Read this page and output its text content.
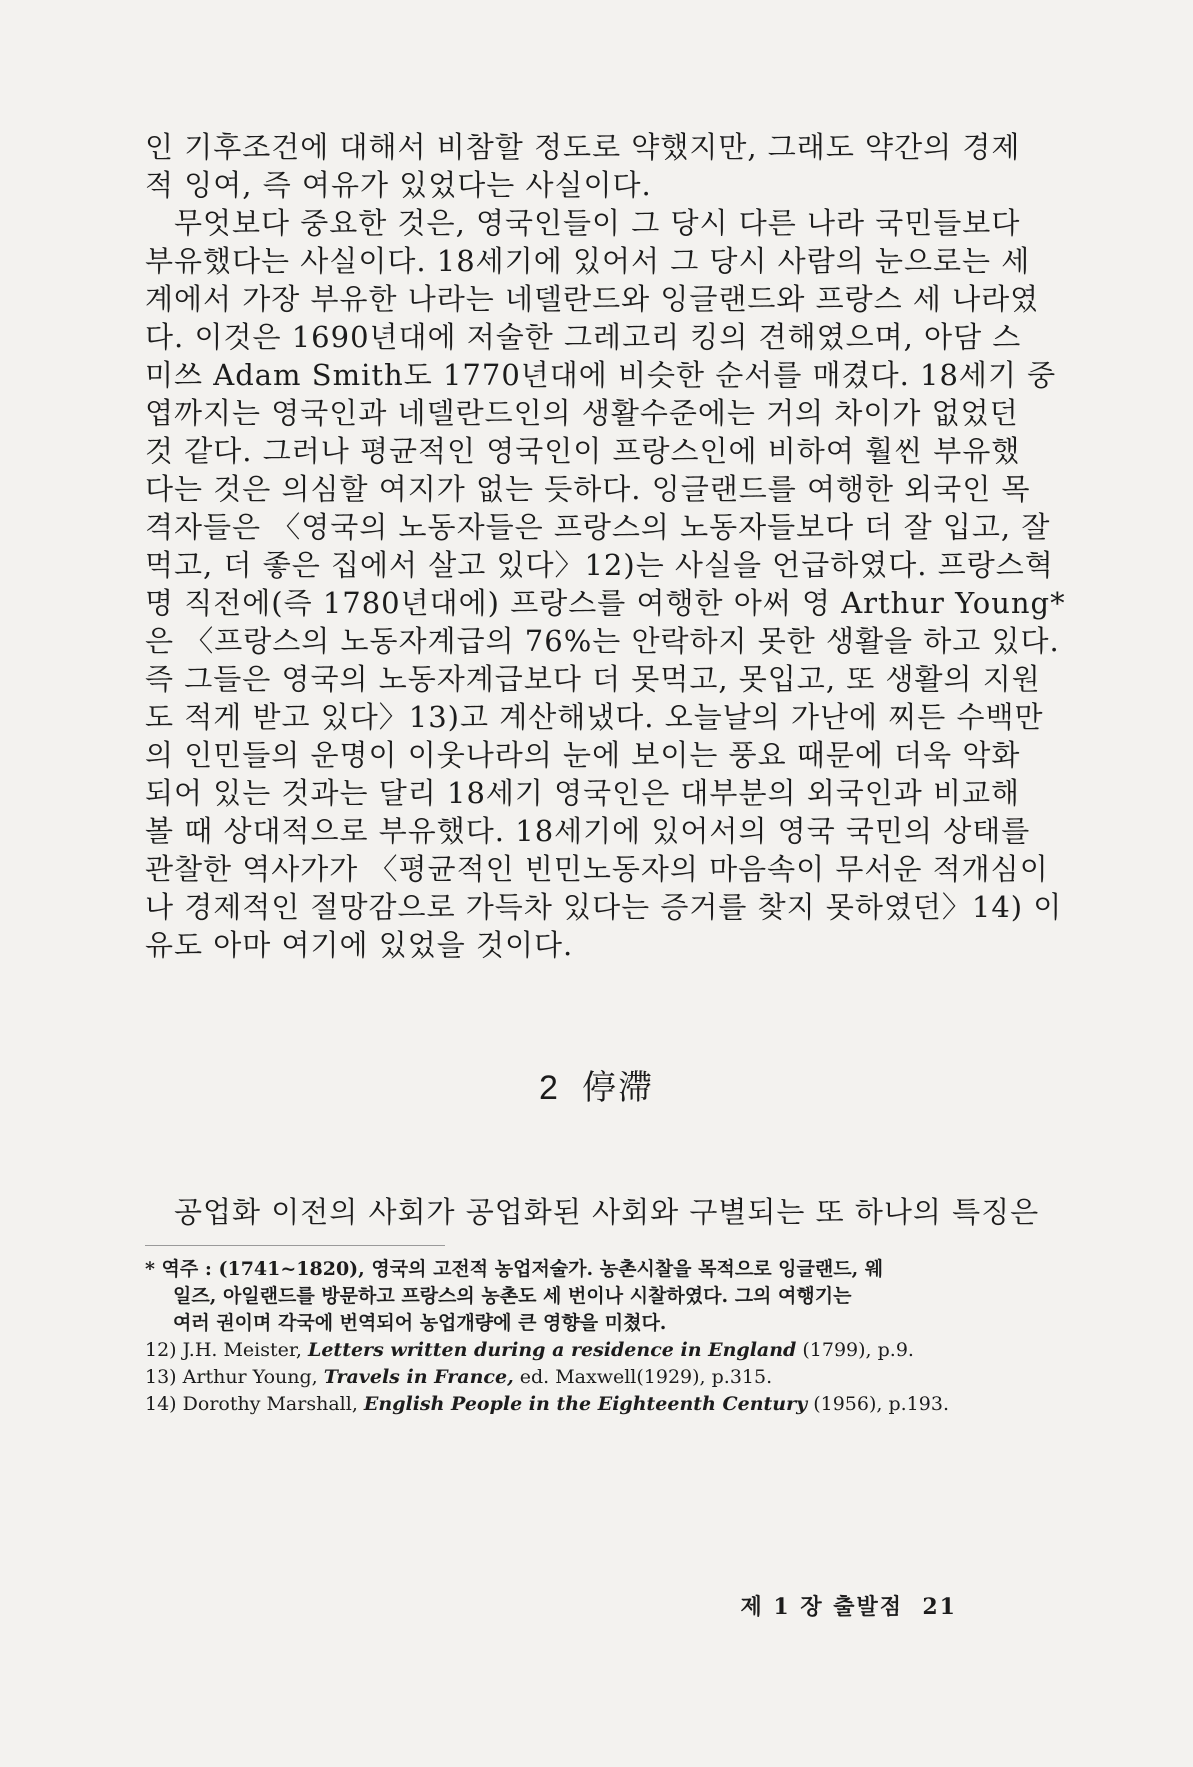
인 기후조건에 대해서 비참할 정도로 약했지만, 그래도 약간의 경제
적 잉여, 즉 여유가 있었다는 사실이다.
무엇보다 중요한 것은, 영국인들이 그 당시 다른 나라 국민들보다
부유했다는 사실이다. 18세기에 있어서 그 당시 사람의 눈으로는 세
계에서 가장 부유한 나라는 네델란드와 잉글랜드와 프랑스 세 나라였
다. 이것은 1690년대에 저술한 그레고리 킹의 견해였으며, 아담 스
미쓰 Adam Smith도 1770년대에 비슷한 순서를 매겼다. 18세기 중
엽까지는 영국인과 네델란드인의 생활수준에는 거의 차이가 없었던
것 같다. 그러나 평균적인 영국인이 프랑스인에 비하여 훨씬 부유했
다는 것은 의심할 여지가 없는 듯하다. 잉글랜드를 여행한 외국인 목
격자들은 〈영국의 노동자들은 프랑스의 노동자들보다 더 잘 입고, 잘
먹고, 더 좋은 집에서 살고 있다〉12)는 사실을 언급하였다. 프랑스혁
명 직전에(즉 1780년대에) 프랑스를 여행한 아써 영 Arthur Young*
은 〈프랑스의 노동자계급의 76%는 안락하지 못한 생활을 하고 있다.
즉 그들은 영국의 노동자계급보다 더 못먹고, 못입고, 또 생활의 지원
도 적게 받고 있다〉13)고 계산해냈다. 오늘날의 가난에 찌든 수백만
의 인민들의 운명이 이웃나라의 눈에 보이는 풍요 때문에 더욱 악화
되어 있는 것과는 달리 18세기 영국인은 대부분의 외국인과 비교해
볼 때 상대적으로 부유했다. 18세기에 있어서의 영국 국민의 상태를
관찰한 역사가가 〈평균적인 빈민노동자의 마음속이 무서운 적개심이
나 경제적인 절망감으로 가득차 있다는 증거를 찾지 못하였던〉14) 이
유도 아마 여기에 있었을 것이다.
2 停滯
공업화 이전의 사회가 공업화된 사회와 구별되는 또 하나의 특징은
* 역주 : (1741~1820), 영국의 고전적 농업저술가. 농촌시찰을 목적으로 잉글랜드, 웨
일즈, 아일랜드를 방문하고 프랑스의 농촌도 세 번이나 시찰하였다. 그의 여행기는
여러 권이며 각국에 번역되어 농업개량에 큰 영향을 미쳤다.
12) J.H. Meister, Letters written during a residence in England (1799), p.9.
13) Arthur Young, Travels in France, ed. Maxwell(1929), p.315.
14) Dorothy Marshall, English People in the Eighteenth Century (1956), p.193.
제 1 장 출발점 21
